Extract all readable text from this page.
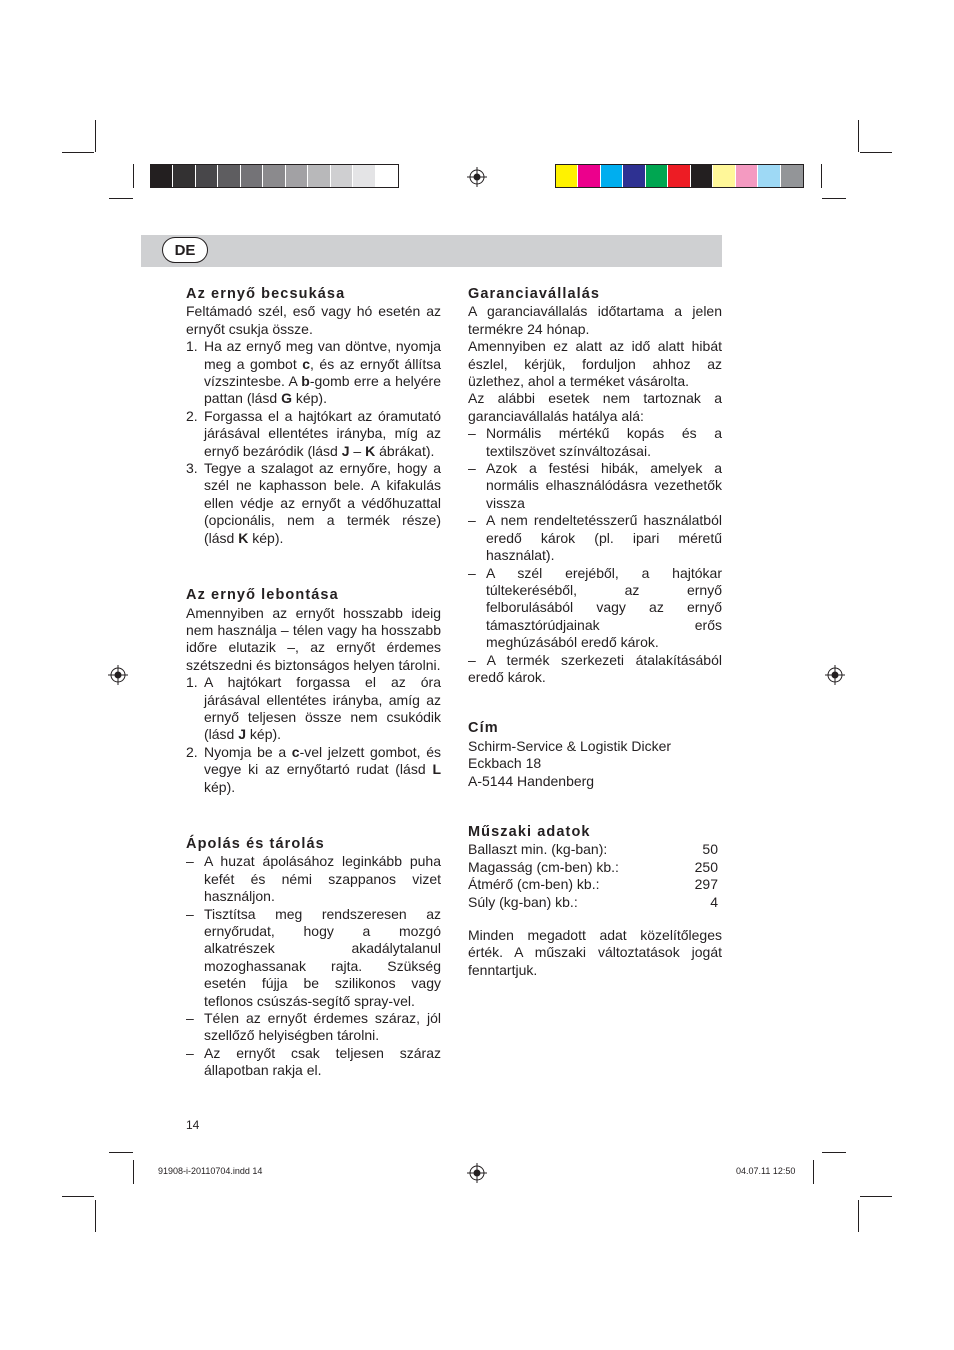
DE
Az ernyő becsukása

Feltámadó szél, eső vagy hó esetén az ernyőt csukja össze.

1. Ha az ernyő meg van döntve, nyomja meg a gombot c, és az ernyőt állítsa vízszintesbe. A b-gomb erre a helyére pattan (lásd G kép).
2. Forgassa el a hajtókart az óramutató járásával ellentétes irányba, míg az ernyő bezáródik (lásd J – K ábrákat).
3. Tegye a szalagot az ernyőre, hogy a szél ne kaphasson bele. A kifakulás ellen védje az ernyőt a védőhuzattal (opcionális, nem a termék része) (lásd K kép).
Az ernyő lebontása

Amennyiben az ernyőt hosszabb ideig nem használja – télen vagy ha hosszabb időre elutazik –, az ernyőt érdemes szétszedni és biztonságos helyen tárolni.

1. A hajtókart forgassa el az óra járásával ellentétes irányba, amíg az ernyő teljesen össze nem csukódik (lásd J kép).
2. Nyomja be a c-vel jelzett gombot, és vegye ki az ernyőtartó rudat (lásd L kép).
Ápolás és tárolás
– A huzat ápolásához leginkább puha kefét és némi szappanos vizet használjon.
– Tisztítsa meg rendszeresen az ernyőrudat, hogy a mozgó alkatrészek akadálytalanul mozoghassanak rajta. Szükség esetén fújja be szilikonos vagy teflonos csúszás-segítő spray-vel.
– Télen az ernyőt érdemes száraz, jól szellőző helyiségben tárolni.
– Az ernyőt csak teljesen száraz állapotban rakja el.
Garanciavállalás

A garanciavállalás időtartama a jelen termékre 24 hónap.

Amennyiben ez alatt az idő alatt hibát észlel, kérjük, forduljon ahhoz az üzlethez, ahol a terméket vásárolta.

Az alábbi esetek nem tartoznak a garanciavállalás hatálya alá:

– Normális mértékű kopás és a textilszövet színváltozásai.
– Azok a festési hibák, amelyek a normális elhasználódásra vezethetők vissza
– A nem rendeltetésszerű használatból eredő károk (pl. ipari méretű használat).
– A szél erejéből, a hajtókar túltekeréséből, az ernyő felborulásából vagy az ernyő támasztórúdjainak erős meghúzásából eredő károk.

– A termék szerkezeti átalakításából eredő károk.

Cím
Schirm-Service & Logistik Dicker
Eckbach 18
A-5144 Handenberg
Műszaki adatok
Ballaszt min. (kg-ban):	50
Magasság (cm-ben) kb.:	250
Átmérő (cm-ben) kb.:	297
Súly (kg-ban) kb.:	4

Minden megadott adat közelítőleges érték. A műszaki változtatások jogát fenntartjuk.

14
91908-i-20110704.indd 14	04.07.11 12:50
